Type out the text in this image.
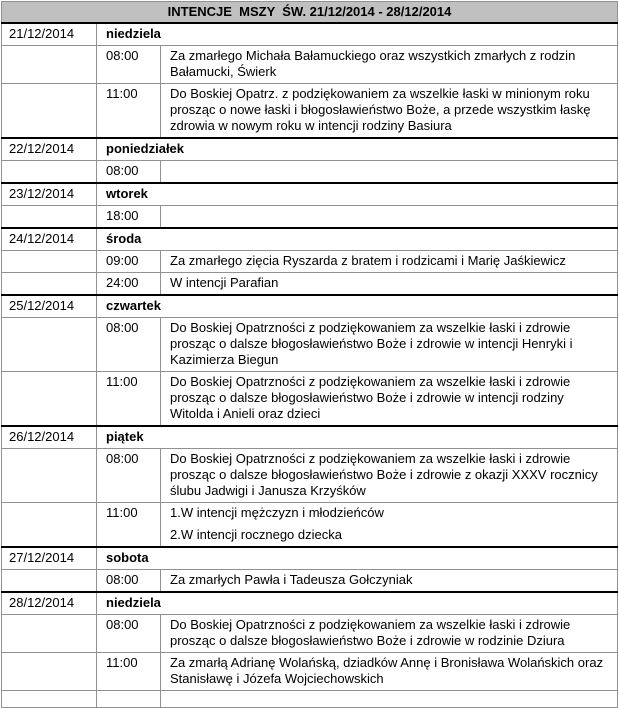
INTENCJE  MSZY  ŚW. 21/12/2014 - 28/12/2014		
21/12/2014	niedziela	
	08:00	Za zmarłego Michała Bałamuckiego oraz wszystkich zmarłych z rodzin Bałamucki, Świerk

	11:00	Do Boskiej Opatrz. z podziękowaniem za wszelkie łaski w minionym roku prosząc o nowe łaski i błogosławieństwo Boże, a przede wszystkim łaskę zdrowia w nowym roku w intencji rodziny Basiura

22/12/2014	poniedziałek	
	08:00	

23/12/2014	wtorek	
	18:00	

24/12/2014	środa	
	09:00	Za zmarłego zięcia Ryszarda z bratem i rodzicami i Marię Jaśkiewicz

	24:00	W intencji Parafian

25/12/2014	czwartek	
	08:00	Do Boskiej Opatrzności z podziękowaniem za wszelkie łaski i zdrowie prosząc o dalsze błogosławieństwo Boże i zdrowie w intencji Henryki i Kazimierza Biegun

	11:00	Do Boskiej Opatrzności z podziękowaniem za wszelkie łaski i zdrowie prosząc o dalsze błogosławieństwo Boże i zdrowie w intencji rodziny Witolda i Anieli oraz dzieci

26/12/2014	piątek	
	08:00	Do Boskiej Opatrzności z podziękowaniem za wszelkie łaski i zdrowie prosząc o dalsze błogosławieństwo Boże i zdrowie z okazji XXXV rocznicy ślubu Jadwigi i Janusza Krzyśków

	11:00	1.W intencji mężczyzn i młodzieńców
2.W intencji rocznego dziecka

27/12/2014	sobota	
	08:00	Za zmarłych Pawła i Tadeusza Gołczyniak

28/12/2014	niedziela	
	08:00	Do Boskiej Opatrzności z podziękowaniem za wszelkie łaski i zdrowie prosząc o dalsze błogosławieństwo Boże i zdrowie w rodzinie Dziura

	11:00	Za zmarłą Adrianę Wolańską, dziadków Annę i Bronisława Wolańskich oraz Stanisławę i Józefa Wojciechowskich
